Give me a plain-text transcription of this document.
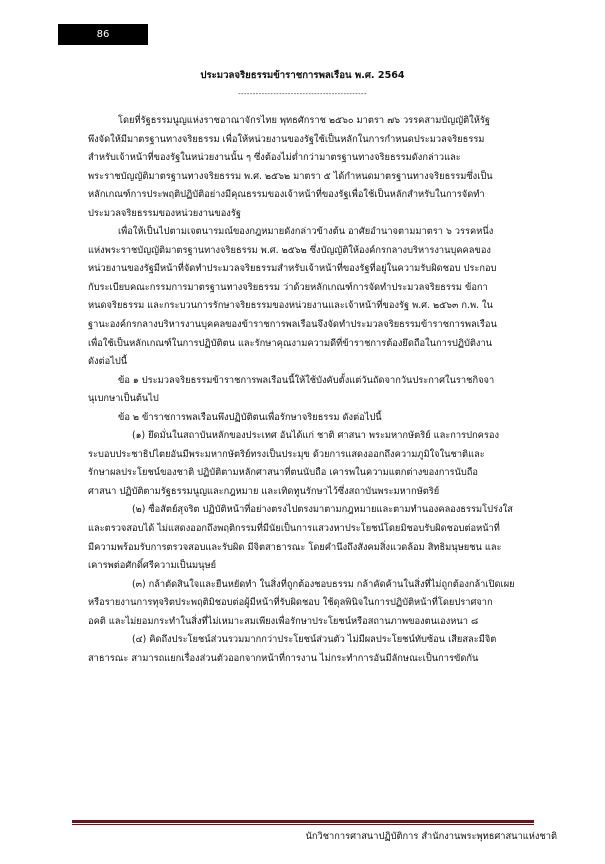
86
ประมวลจริยธรรมข้าราชการพลเรือน พ.ศ. 2564
--------------------------------------------
โดยที่รัฐธรรมนูญแห่งราชอาณาจักรไทย พุทธศักราช ๒๕๖๐ มาตรา ๗๖ วรรคสามบัญญัติให้รัฐ
พึงจัดให้มีมาตรฐานทางจริยธรรม เพื่อให้หน่วยงานของรัฐใช้เป็นหลักในการกำหนดประมวลจริยธรรม
สำหรับเจ้าหน้าที่ของรัฐในหน่วยงานนั้น ๆ ซึ่งต้องไม่ต่ำกว่ามาตรฐานทางจริยธรรมดังกล่าวและ
พระราชบัญญัติมาตรฐานทางจริยธรรม พ.ศ. ๒๕๖๒ มาตรา ๕ ได้กำหนดมาตรฐานทางจริยธรรมซึ่งเป็น
หลักเกณฑ์การประพฤติปฏิบัติอย่างมีคุณธรรมของเจ้าหน้าที่ของรัฐเพื่อใช้เป็นหลักสำหรับในการจัดทำ
ประมวลจริยธรรมของหน่วยงานของรัฐ
เพื่อให้เป็นไปตามเจตนารมณ์ของกฎหมายดังกล่าวข้างต้น อาศัยอำนาจตามมาตรา ๖ วรรคหนึ่ง
แห่งพระราชบัญญัติมาตรฐานทางจริยธรรม พ.ศ. ๒๕๖๒ ซึ่งบัญญัติให้องค์กรกลางบริหารงานบุคคลของ
หน่วยงานของรัฐมีหน้าที่จัดทำประมวลจริยธรรมสำหรับเจ้าหน้าที่ของรัฐที่อยู่ในความรับผิดชอบ ประกอบ
กับระเบียบคณะกรรมการมาตรฐานทางจริยธรรม ว่าด้วยหลักเกณฑ์การจัดทำประมวลจริยธรรม ข้อกา
หนดจริยธรรม และกระบวนการรักษาจริยธรรมของหน่วยงานและเจ้าหน้าที่ของรัฐ พ.ศ. ๒๕๖๓ ก.พ. ใน
ฐานะองค์กรกลางบริหารงานบุคคลของข้าราชการพลเรือนจึงจัดทำประมวลจริยธรรมข้าราชการพลเรือน
เพื่อใช้เป็นหลักเกณฑ์ในการปฏิบัติตน และรักษาคุณงามความดีที่ข้าราชการต้องยึดถือในการปฏิบัติงาน
ดังต่อไปนี้
ข้อ ๑ ประมวลจริยธรรมข้าราชการพลเรือนนี้ให้ใช้บังคับตั้งแต่วันถัดจากวันประกาศในราชกิจจา
นุเบกษาเป็นต้นไป
ข้อ ๒ ข้าราชการพลเรือนพึงปฏิบัติตนเพื่อรักษาจริยธรรม ดังต่อไปนี้
(๑) ยึดมั่นในสถาบันหลักของประเทศ อันได้แก่ ชาติ ศาสนา พระมหากษัตริย์ และการปกครอง
ระบอบประชาธิปไตยอันมีพระมหากษัตริย์ทรงเป็นประมุข ด้วยการแสดงออกถึงความภูมิใจในชาติและ
รักษาผลประโยชน์ของชาติ ปฏิบัติตามหลักศาสนาที่ตนนับถือ เคารพในความแตกต่างของการนับถือ
ศาสนา ปฏิบัติตามรัฐธรรมนูญและกฎหมาย และเทิดทูนรักษาไว้ซึ่งสถาบันพระมหากษัตริย์
(๒) ซื่อสัตย์สุจริต ปฏิบัติหน้าที่อย่างตรงไปตรงมาตามกฎหมายและตามทำนองคลองธรรมโปร่งใส
และตรวจสอบได้ ไม่แสดงออกถึงพฤติกรรมที่มีนัยเป็นการแสวงหาประโยชน์โดยมิชอบรับผิดชอบต่อหน้าที่
มีความพร้อมรับการตรวจสอบและรับผิด มีจิตสาธารณะ โดยคำนึงถึงสังคมสิ่งแวดล้อม สิทธิมนุษยชน และ
เคารพต่อศักดิ์ศรีความเป็นมนุษย์
(๓) กล้าตัดสินใจและยืนหยัดทำ ในสิ่งที่ถูกต้องชอบธรรม กล้าคัดค้านในสิ่งที่ไม่ถูกต้องกล้าเปิดเผย
หรือรายงานการทุจริตประพฤติมิชอบต่อผู้มีหน้าที่รับผิดชอบ ใช้ดุลพินิจในการปฏิบัติหน้าที่โดยปราศจาก
อคติ และไม่ยอมกระทำในสิ่งที่ไม่เหมาะสมเพียงเพื่อรักษาประโยชน์หรือสถานภาพของตนเองหนา ๘
(๔) คิดถึงประโยชน์ส่วนรวมมากกว่าประโยชน์ส่วนตัว ไม่มีผลประโยชน์ทับซ้อน เสียสละมีจิต
สาธารณะ สามารถแยกเรื่องส่วนตัวออกจากหน้าที่การงาน ไม่กระทำการอันมีลักษณะเป็นการขัดกัน
นักวิชาการศาสนาปฏิบัติการ สำนักงานพระพุทธศาสนาแห่งชาติ
